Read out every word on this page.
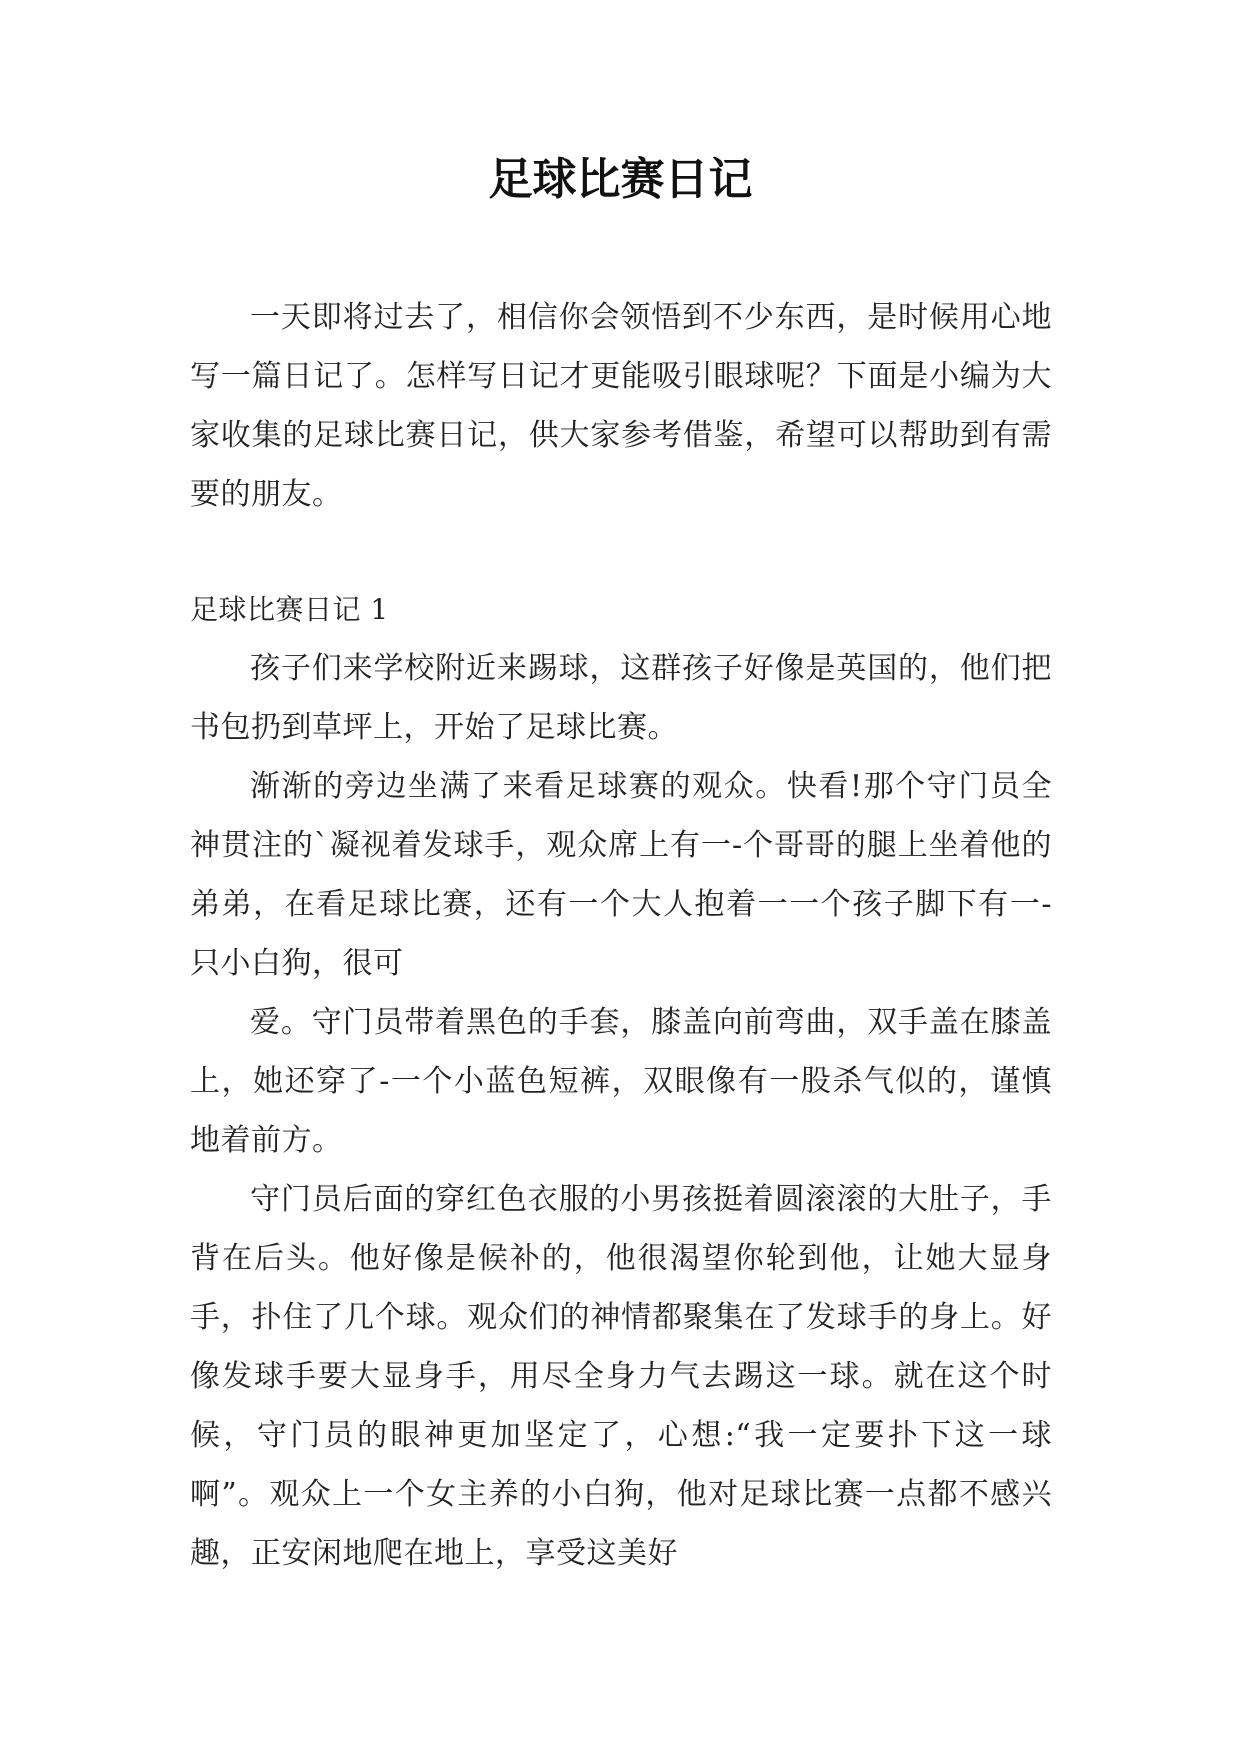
足球比赛日记

一天即将过去了，相信你会领悟到不少东西，是时候用心地写一篇日记了。怎样写日记才更能吸引眼球呢？下面是小编为大家收集的足球比赛日记，供大家参考借鉴，希望可以帮助到有需要的朋友。

足球比赛日记 1

孩子们来学校附近来踢球，这群孩子好像是英国的，他们把书包扔到草坪上，开始了足球比赛。

渐渐的旁边坐满了来看足球赛的观众。快看!那个守门员全神贯注的`凝视着发球手，观众席上有一-个哥哥的腿上坐着他的弟弟，在看足球比赛，还有一个大人抱着一一个孩子脚下有一-只小白狗，很可

爱。守门员带着黑色的手套，膝盖向前弯曲，双手盖在膝盖上，她还穿了-一个小蓝色短裤，双眼像有一股杀气似的，谨慎地着前方。

守门员后面的穿红色衣服的小男孩挺着圆滚滚的大肚子，手背在后头。他好像是候补的，他很渴望你轮到他，让她大显身手，扑住了几个球。观众们的神情都聚集在了发球手的身上。好像发球手要大显身手，用尽全身力气去踢这一球。就在这个时候，守门员的眼神更加坚定了，心想:“我一定要扑下这一球啊”。观众上一个女主养的小白狗，他对足球比赛一点都不感兴趣，正安闲地爬在地上，享受这美好
